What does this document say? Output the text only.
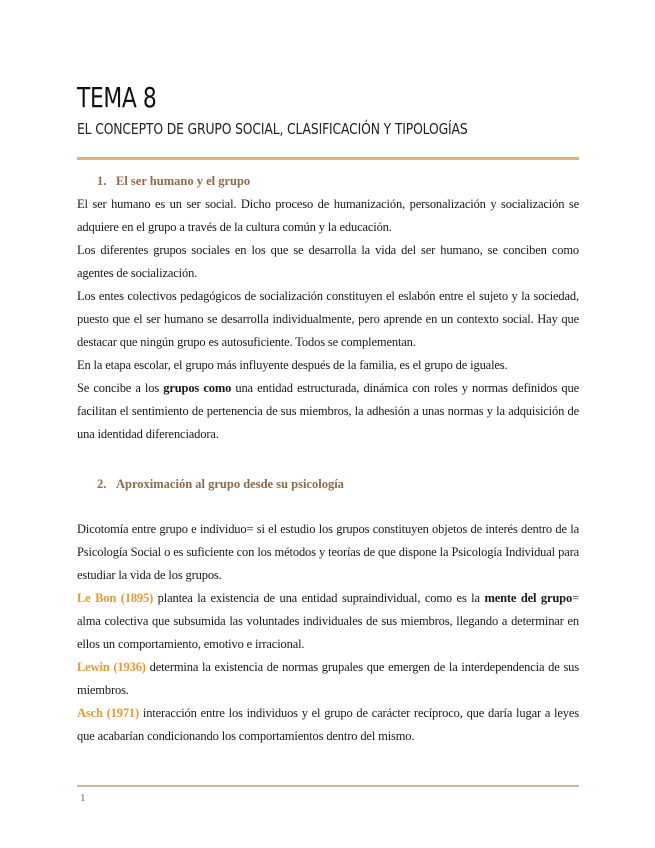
TEMA 8
EL CONCEPTO DE GRUPO SOCIAL, CLASIFICACIÓN Y TIPOLOGÍAS
1. El ser humano y el grupo

El ser humano es un ser social. Dicho proceso de humanización, personalización y socialización se adquiere en el grupo a través de la cultura común y la educación.

Los diferentes grupos sociales en los que se desarrolla la vida del ser humano, se conciben como agentes de socialización.

Los entes colectivos pedagógicos de socialización constituyen el eslabón entre el sujeto y la sociedad, puesto que el ser humano se desarrolla individualmente, pero aprende en un contexto social. Hay que destacar que ningún grupo es autosuficiente. Todos se complementan.

En la etapa escolar, el grupo más influyente después de la familia, es el grupo de iguales.

Se concibe a los grupos como una entidad estructurada, dinámica con roles y normas definidos que facilitan el sentimiento de pertenencia de sus miembros, la adhesión a unas normas y la adquisición de una identidad diferenciadora.

2. Aproximación al grupo desde su psicología

Dicotomía entre grupo e individuo= si el estudio los grupos constituyen objetos de interés dentro de la Psicología Social o es suficiente con los métodos y teorías de que dispone la Psicología Individual para estudiar la vida de los grupos.

Le Bon (1895) plantea la existencia de una entidad supraindividual, como es la mente del grupo= alma colectiva que subsumida las voluntades individuales de sus miembros, llegando a determinar en ellos un comportamiento, emotivo e irracional.

Lewin (1936) determina la existencia de normas grupales que emergen de la interdependencia de sus miembros.

Asch (1971) interacción entre los individuos y el grupo de carácter recíproco, que daría lugar a leyes que acabarían condicionando los comportamientos dentro del mismo.

1
